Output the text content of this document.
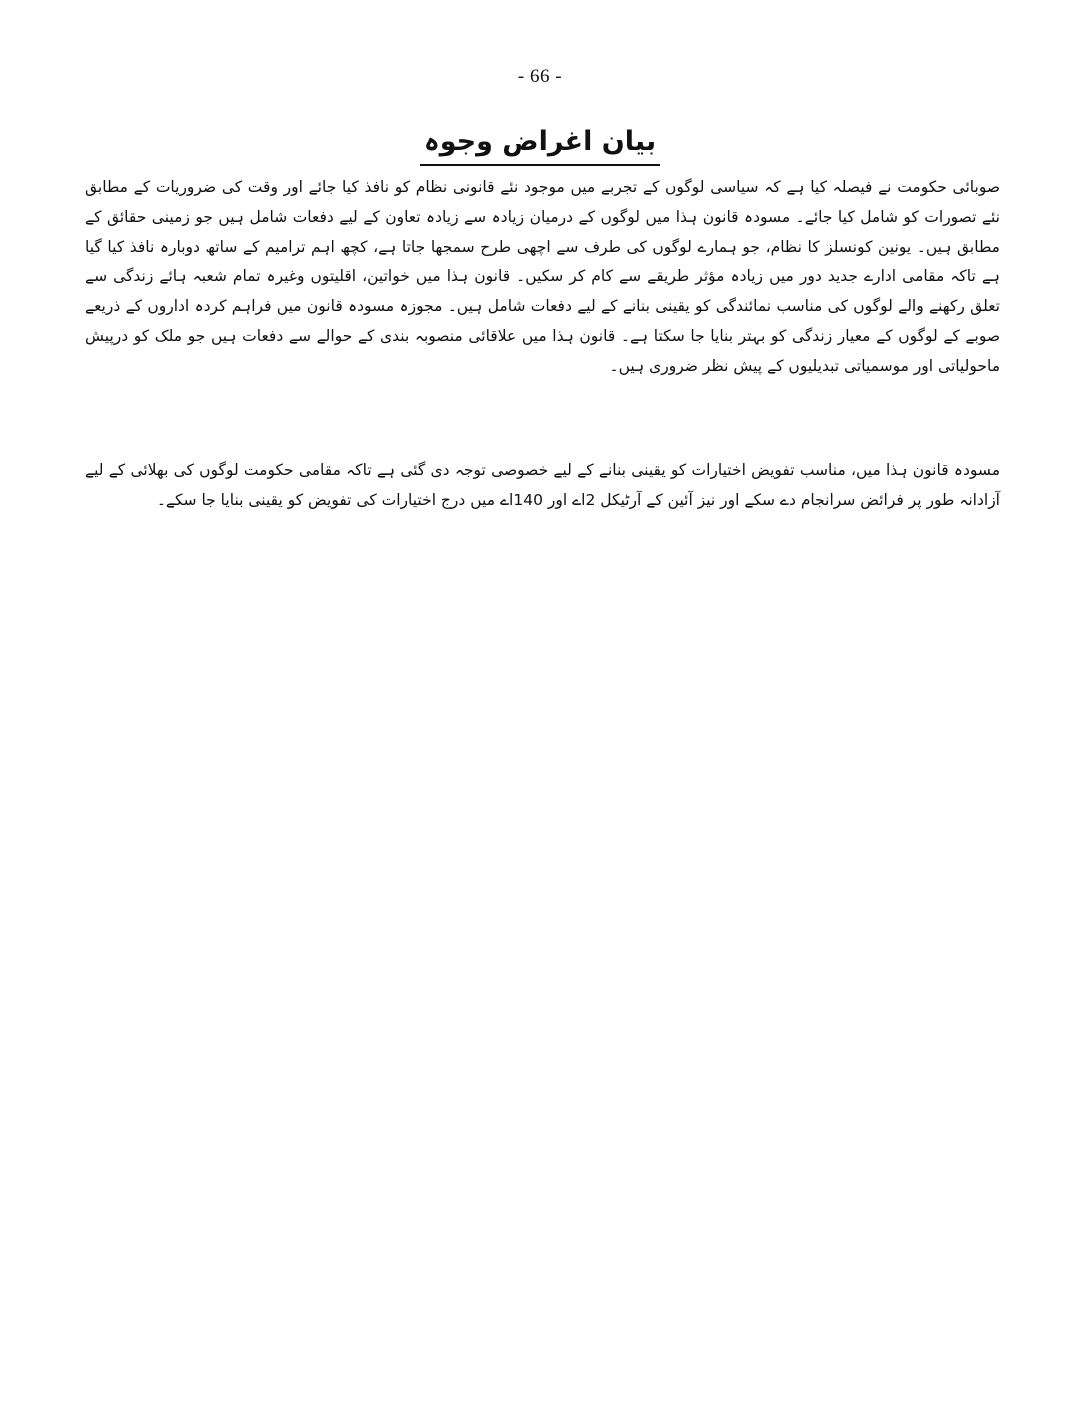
- 66 -
بیان اغراض وجوہ

صوبائی حکومت نے فیصلہ کیا ہے کہ سیاسی لوگوں کے تجربے میں موجود نئے قانونی نظام کو نافذ کیا جائے اور وقت کی ضروریات کے مطابق نئے تصورات کو شامل کیا جائے۔ مسودہ قانون ہذا میں لوگوں کے درمیان زیادہ سے زیادہ تعاون کے لیے دفعات شامل ہیں جو زمینی حقائق کے مطابق ہیں۔ یونین کونسلز کا نظام، جو ہمارے لوگوں کی طرف سے اچھی طرح سمجھا جاتا ہے، کچھ اہم ترامیم کے ساتھ دوبارہ نافذ کیا گیا ہے تاکہ مقامی ادارے جدید دور میں زیادہ مؤثر طریقے سے کام کر سکیں۔ قانون ہذا میں خواتین، اقلیتوں وغیرہ تمام شعبہ ہائے زندگی سے تعلق رکھنے والے لوگوں کی مناسب نمائندگی کو یقینی بنانے کے لیے دفعات شامل ہیں۔ مجوزہ مسودہ قانون میں فراہم کردہ اداروں کے ذریعے صوبے کے لوگوں کے معیار زندگی کو بہتر بنایا جا سکتا ہے۔ قانون ہذا میں علاقائی منصوبہ بندی کے حوالے سے دفعات ہیں جو ملک کو درپیش ماحولیاتی اور موسمیاتی تبدیلیوں کے پیش نظر ضروری ہیں۔

مسودہ قانون ہذا میں، مناسب تفویض اختیارات کو یقینی بنانے کے لیے خصوصی توجہ دی گئی ہے تاکہ مقامی حکومت لوگوں کی بھلائی کے لیے آزادانہ طور پر فرائض سرانجام دے سکے اور نیز آئین کے آرٹیکل 2اے اور 140اے میں درج اختیارات کی تفویض کو یقینی بنایا جا سکے۔
